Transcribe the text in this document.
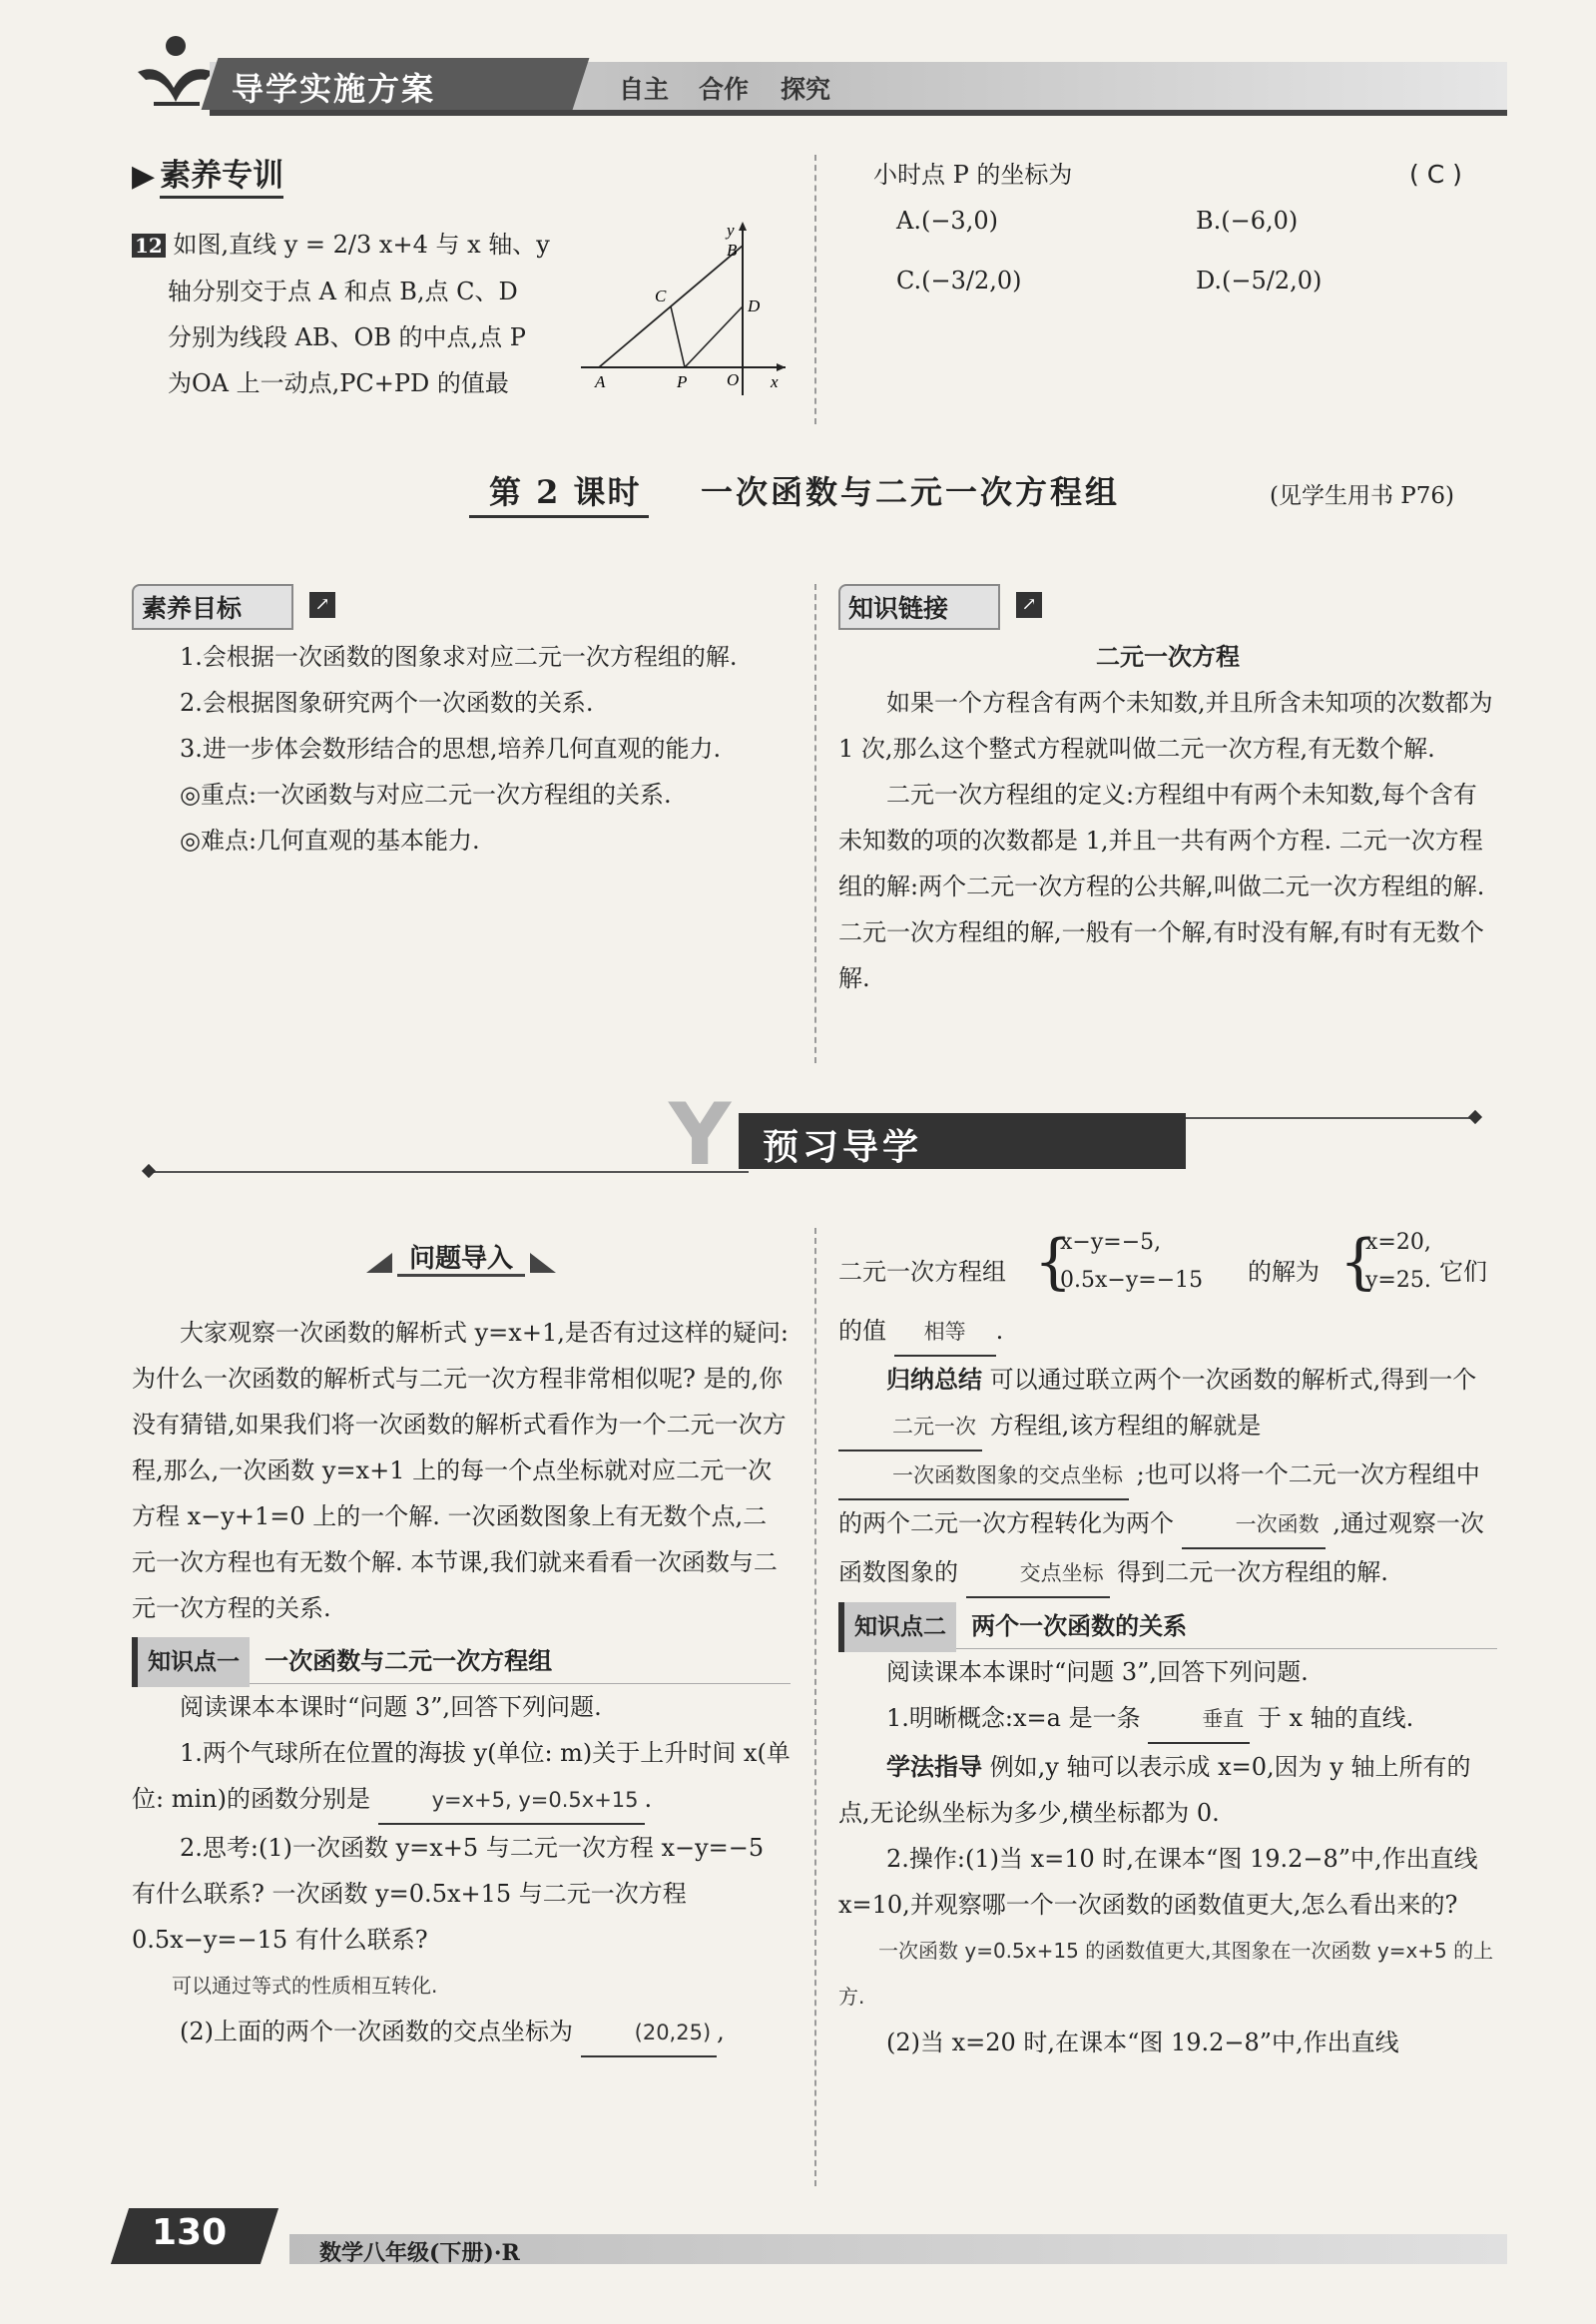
导学实施方案	自主 合作 探究
▶ 素养专训

12 如图,直线 y = 2/3 x+4 与 x 轴、y

轴分别交于点 A 和点 B,点 C、D

分别为线段 AB、OB 的中点,点 P

为OA 上一动点,PC+PD 的值最

y
B
C
D
A	P O x
小时点 P 的坐标为	( C )
A.(−3,0)	B.(−6,0)
C.(−3/2,0)	D.(−5/2,0)
第 2 课时 一次函数与二元一次方程组	(见学生用书 P76)
素养目标	↗

1.会根据一次函数的图象求对应二元一次方程组的解.

2.会根据图象研究两个一次函数的关系.

3.进一步体会数形结合的思想,培养几何直观的能力.

◎重点:一次函数与对应二元一次方程组的关系.

◎难点:几何直观的基本能力.

知识链接	↗

二元一次方程

如果一个方程含有两个未知数,并且所含未知项的次数都为 1 次,那么这个整式方程就叫做二元一次方程,有无数个解.

二元一次方程组的定义:方程组中有两个未知数,每个含有未知数的项的次数都是 1,并且一共有两个方程. 二元一次方程组的解:两个二元一次方程的公共解,叫做二元一次方程组的解. 二元一次方程组的解,一般有一个解,有时没有解,有时有无数个解.

Y 预习导学
问题导入

大家观察一次函数的解析式 y=x+1,是否有过这样的疑问:为什么一次函数的解析式与二元一次方程非常相似呢? 是的,你没有猜错,如果我们将一次函数的解析式看作为一个二元一次方程,那么,一次函数 y=x+1 上的每一个点坐标就对应二元一次方程 x−y+1=0 上的一个解. 一次函数图象上有无数个点,二元一次方程也有无数个解. 本节课,我们就来看看一次函数与二元一次方程的关系.

知识点一 一次函数与二元一次方程组

阅读课本本课时“问题 3”,回答下列问题.

1.两个气球所在位置的海拔 y(单位: m)关于上升时间 x(单位: min)的函数分别是	y=x+5, y=0.5x+15 .

2.思考:(1)一次函数 y=x+5 与二元一次方程 x−y=−5 有什么联系? 一次函数 y=0.5x+15 与二元一次方程 0.5x−y=−15 有什么联系?

可以通过等式的性质相互转化.

(2)上面的两个一次函数的交点坐标为	(20,25) ,

二元一次方程组 {
x−y=−5,
0.5x−y=−15 的解为 {
x=20,
y=25. 它们

的值 相等 .

归纳总结 可以通过联立两个一次函数的解析式,得到一个 二元一次 方程组,该方程组的解就是 一次函数图象的交点坐标 ;也可以将一个二元一次方程组中的两个二元一次方程转化为两个	一次函数 ,通过观察一次函数图象的	交点坐标 得到二元一次方程组的解.

知识点二 两个一次函数的关系

阅读课本本课时“问题 3”,回答下列问题.

1.明晰概念:x=a 是一条	垂直 于 x 轴的直线.

学法指导 例如,y 轴可以表示成 x=0,因为 y 轴上所有的点,无论纵坐标为多少,横坐标都为 0.

2.操作:(1)当 x=10 时,在课本“图 19.2−8”中,作出直线 x=10,并观察哪一个一次函数的函数值更大,怎么看出来的?

一次函数 y=0.5x+15 的函数值更大,其图象在一次函数 y=x+5 的上方.

(2)当 x=20 时,在课本“图 19.2−8”中,作出直线

130	数学八年级(下册)·R
